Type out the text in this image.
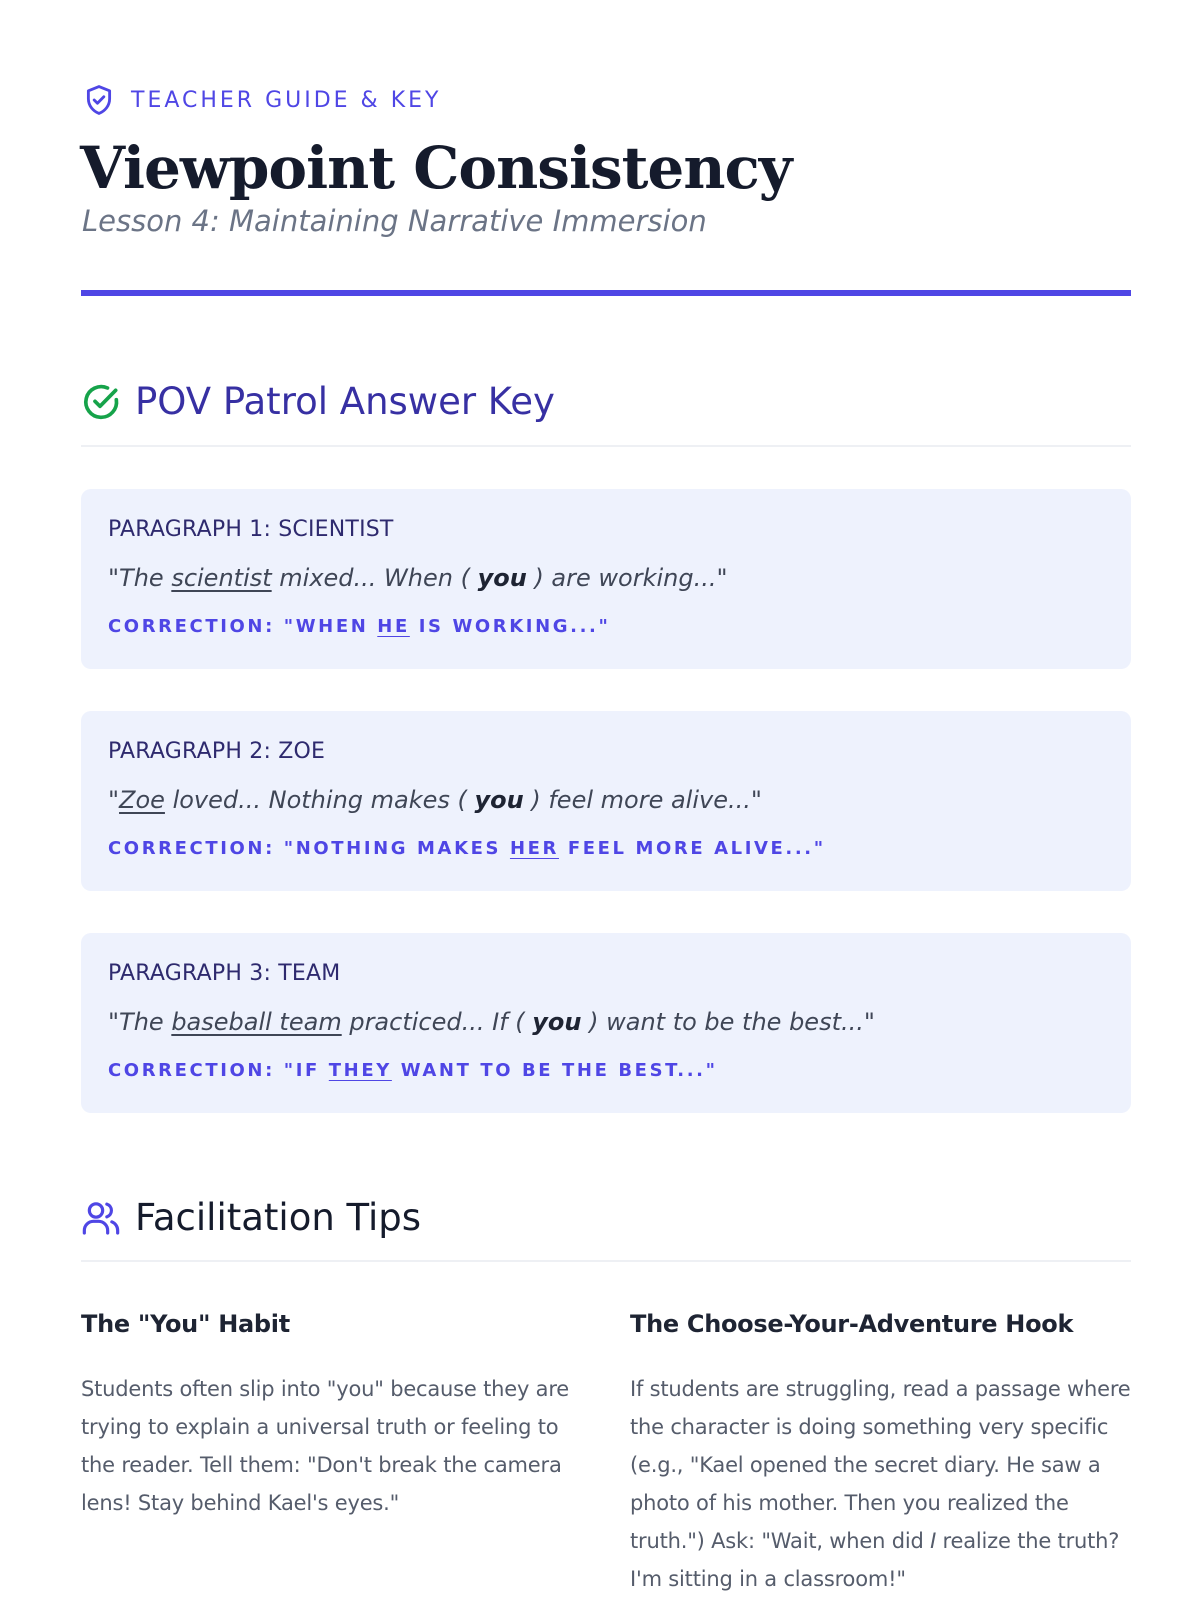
TEACHER GUIDE & KEY
Viewpoint Consistency
Lesson 4: Maintaining Narrative Immersion
POV Patrol Answer Key
PARAGRAPH 1: SCIENTIST
"The scientist mixed... When ( you ) are working..."
CORRECTION: "WHEN HE IS WORKING..."
PARAGRAPH 2: ZOE
"Zoe loved... Nothing makes ( you ) feel more alive..."
CORRECTION: "NOTHING MAKES HER FEEL MORE ALIVE..."
PARAGRAPH 3: TEAM
"The baseball team practiced... If ( you ) want to be the best..."
CORRECTION: "IF THEY WANT TO BE THE BEST..."
Facilitation Tips
The "You" Habit

Students often slip into "you" because they are trying to explain a universal truth or feeling to the reader. Tell them: "Don't break the camera lens! Stay behind Kael's eyes."

The Choose-Your-Adventure Hook

If students are struggling, read a passage where the character is doing something very specific (e.g., "Kael opened the secret diary. He saw a photo of his mother. Then you realized the truth.") Ask: "Wait, when did I realize the truth? I'm sitting in a classroom!"
